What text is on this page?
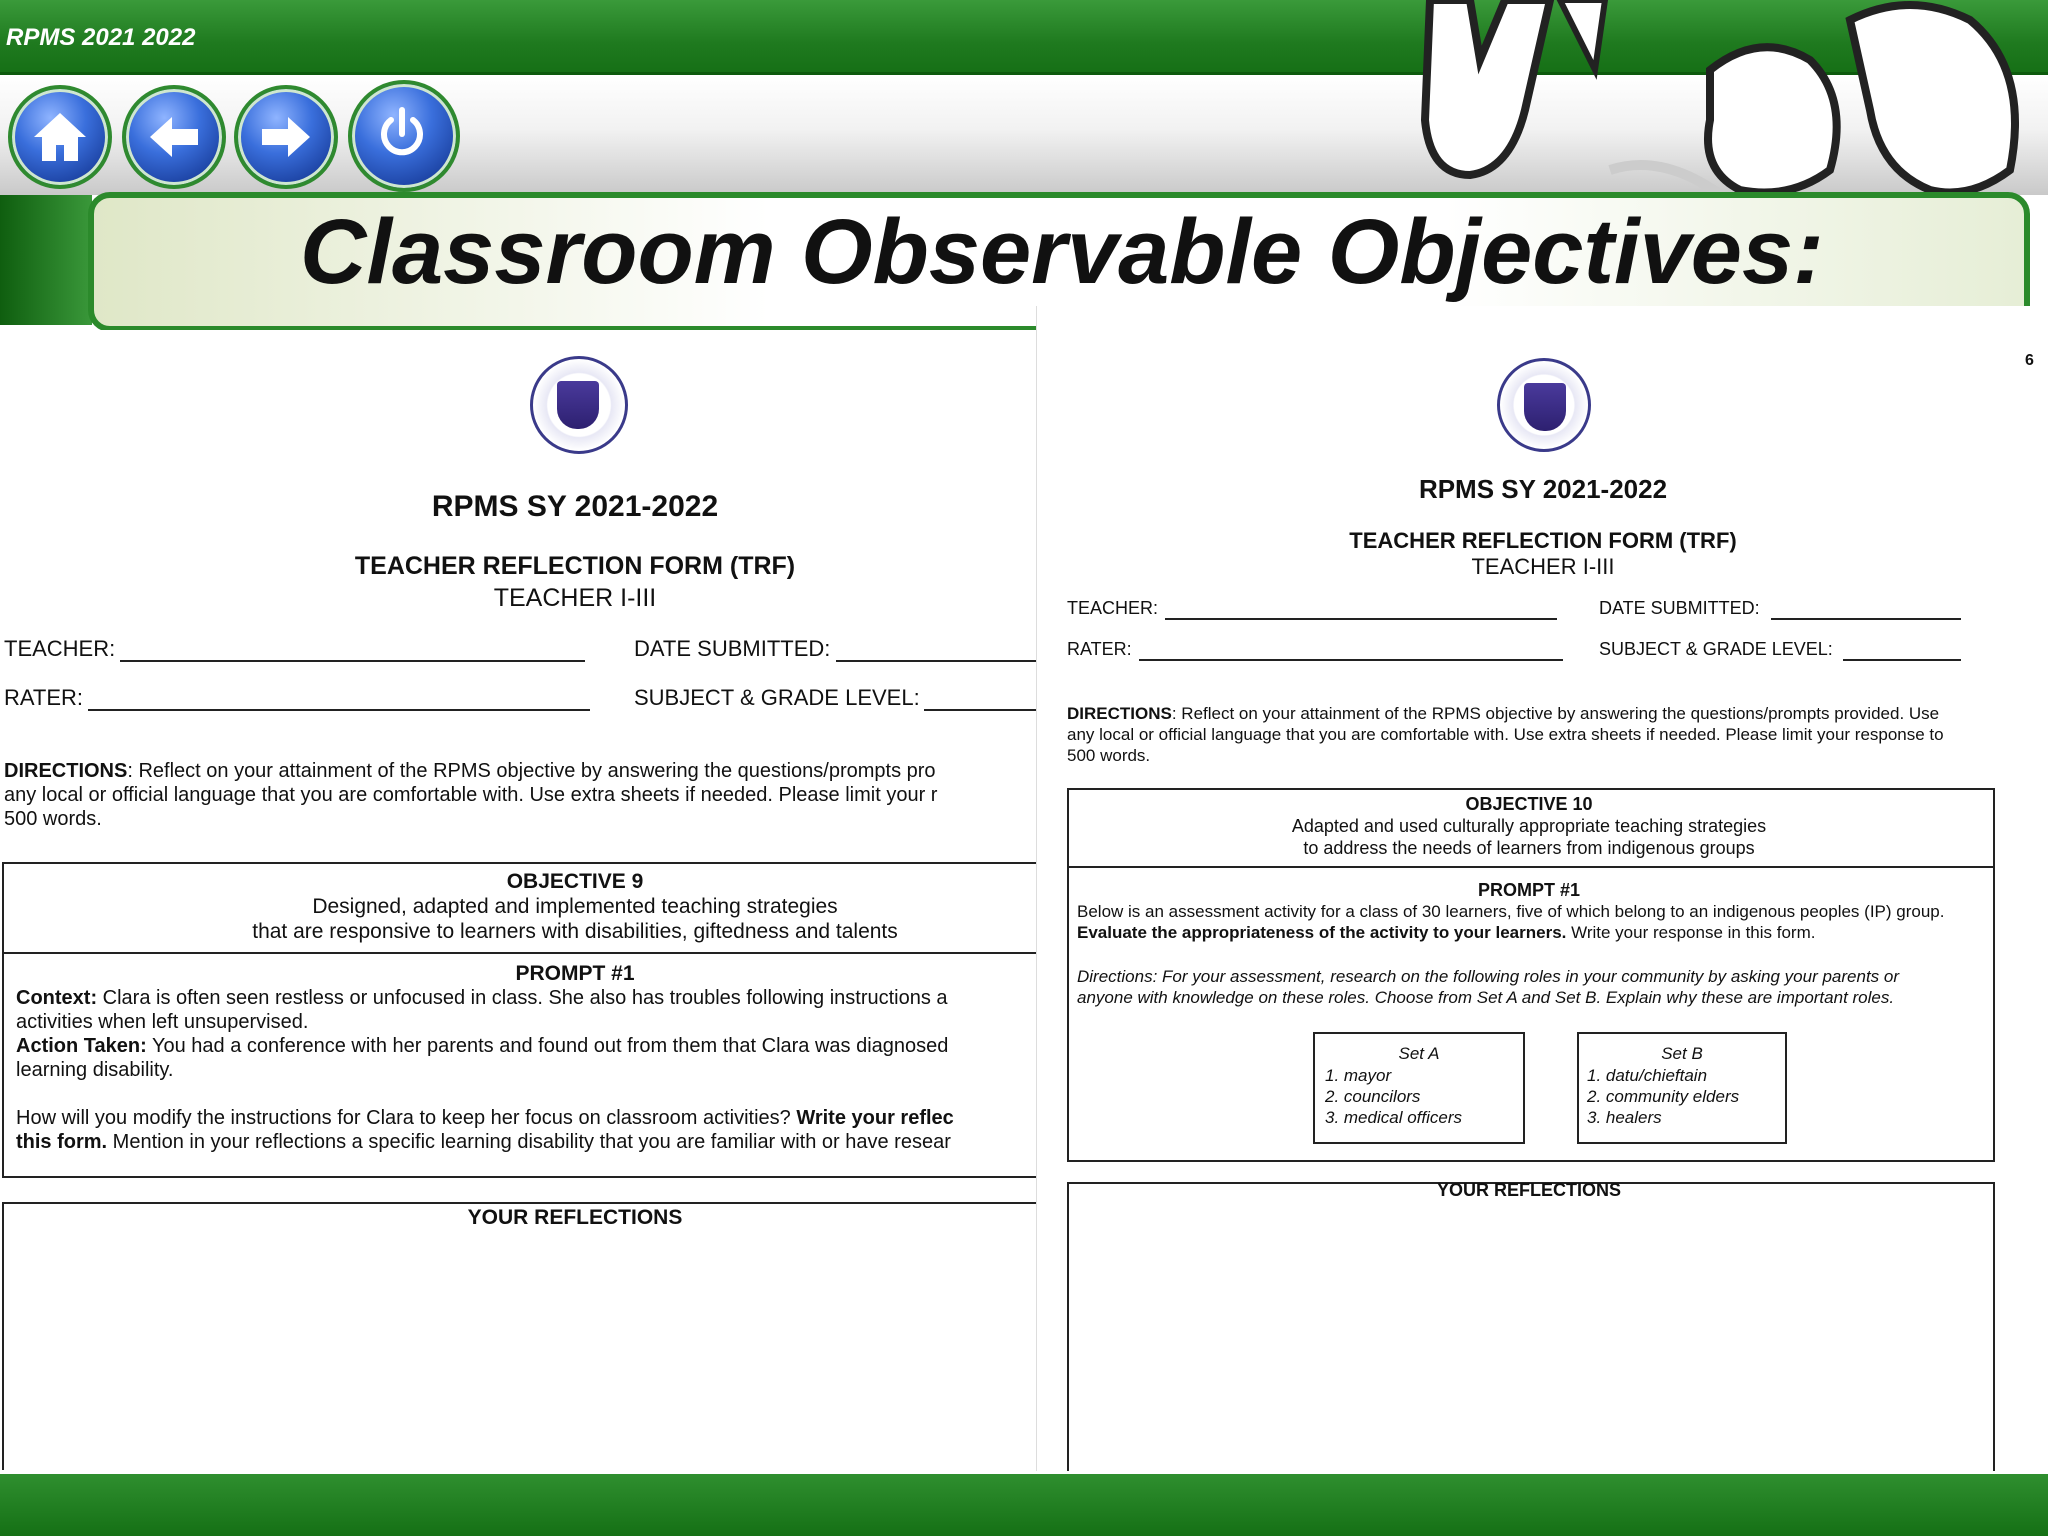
RPMS 2021 2022
Classroom Observable Objectives:
RPMS SY 2021-2022
TEACHER REFLECTION FORM (TRF)
TEACHER I-III
TEACHER:	DATE SUBMITTED:
RATER:	SUBJECT & GRADE LEVEL:
DIRECTIONS: Reflect on your attainment of the RPMS objective by answering the questions/prompts pro
any local or official language that you are comfortable with. Use extra sheets if needed. Please limit your r
500 words.
OBJECTIVE 9
Designed, adapted and implemented teaching strategies
that are responsive to learners with disabilities, giftedness and talents
PROMPT #1
Context: Clara is often seen restless or unfocused in class. She also has troubles following instructions a
activities when left unsupervised.
Action Taken: You had a conference with her parents and found out from them that Clara was diagnosed
learning disability.
How will you modify the instructions for Clara to keep her focus on classroom activities? Write your reflec
this form. Mention in your reflections a specific learning disability that you are familiar with or have resear
YOUR REFLECTIONS
6
RPMS SY 2021-2022
TEACHER REFLECTION FORM (TRF)
TEACHER I-III
TEACHER:	DATE SUBMITTED:
RATER:	SUBJECT & GRADE LEVEL:
DIRECTIONS: Reflect on your attainment of the RPMS objective by answering the questions/prompts provided. Use
any local or official language that you are comfortable with. Use extra sheets if needed. Please limit your response to
500 words.
OBJECTIVE 10
Adapted and used culturally appropriate teaching strategies
to address the needs of learners from indigenous groups
PROMPT #1
Below is an assessment activity for a class of 30 learners, five of which belong to an indigenous peoples (IP) group.
Evaluate the appropriateness of the activity to your learners. Write your response in this form.
Directions: For your assessment, research on the following roles in your community by asking your parents or
anyone with knowledge on these roles. Choose from Set A and Set B. Explain why these are important roles.
Set A
1. mayor
2. councilors
3. medical officers
Set B
1. datu/chieftain
2. community elders
3. healers
YOUR REFLECTIONS
